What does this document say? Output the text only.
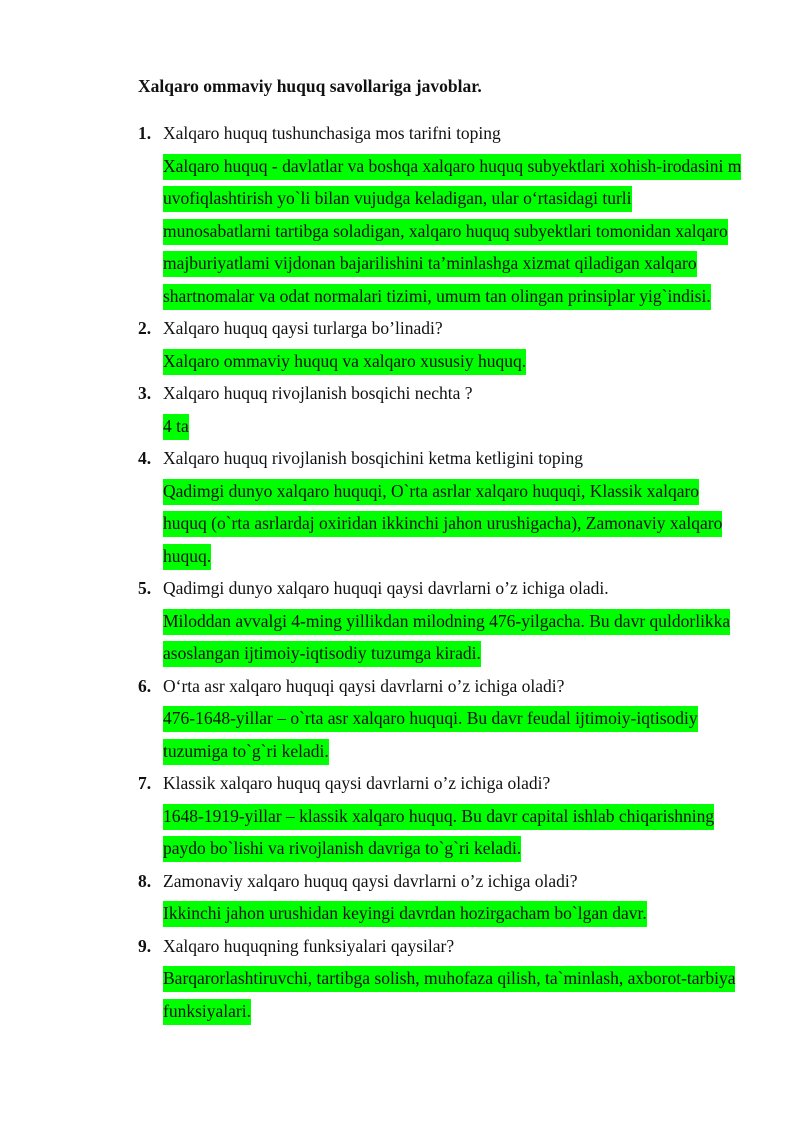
Xalqaro ommaviy huquq savollariga javoblar.
1. Xalqaro huquq tushunchasiga mos tarifni toping
Xalqaro huquq - davlatlar va boshqa xalqaro huquq subyektlari xohish-irodasini m uvofiqlashtirish yo`li bilan vujudga keladigan, ular o‘rtasidagi turli munosabatlarni tartibga soladigan, xalqaro huquq subyektlari tomonidan xalqaro majburiyatlami vijdonan bajarilishini ta’minlashga xizmat qiladigan xalqaro shartnomalar va odat normalari tizimi, umum tan olingan prinsiplar yig`indisi.
2. Xalqaro huquq qaysi turlarga bo’linadi?
Xalqaro ommaviy huquq va xalqaro xususiy huquq.
3. Xalqaro huquq rivojlanish bosqichi nechta ?
4 ta
4. Xalqaro huquq rivojlanish bosqichini ketma ketligini toping
Qadimgi dunyo xalqaro huquqi, O`rta asrlar xalqaro huquqi, Klassik xalqaro huquq (o`rta asrlardaj oxiridan ikkinchi jahon urushigacha), Zamonaviy xalqaro huquq.
5. Qadimgi dunyo xalqaro huquqi qaysi davrlarni o’z ichiga oladi.
Miloddan avvalgi 4-ming yillikdan milodning 476-yilgacha. Bu davr quldorlikka asoslangan ijtimoiy-iqtisodiy tuzumga kiradi.
6. O‘rta asr xalqaro huquqi qaysi davrlarni o’z ichiga oladi?
476-1648-yillar – o`rta asr xalqaro huquqi. Bu davr feudal ijtimoiy-iqtisodiy tuzumiga to`g`ri keladi.
7. Klassik xalqaro huquq qaysi davrlarni o’z ichiga oladi?
1648-1919-yillar – klassik xalqaro huquq. Bu davr capital ishlab chiqarishning paydo bo`lishi va rivojlanish davriga to`g`ri keladi.
8. Zamonaviy xalqaro huquq qaysi davrlarni o’z ichiga oladi?
Ikkinchi jahon urushidan keyingi davrdan hozirgacham bo`lgan davr.
9. Xalqaro huquqning funksiyalari qaysilar?
Barqarorlashtiruvchi, tartibga solish, muhofaza qilish, ta`minlash, axborot-tarbiya funksiyalari.
